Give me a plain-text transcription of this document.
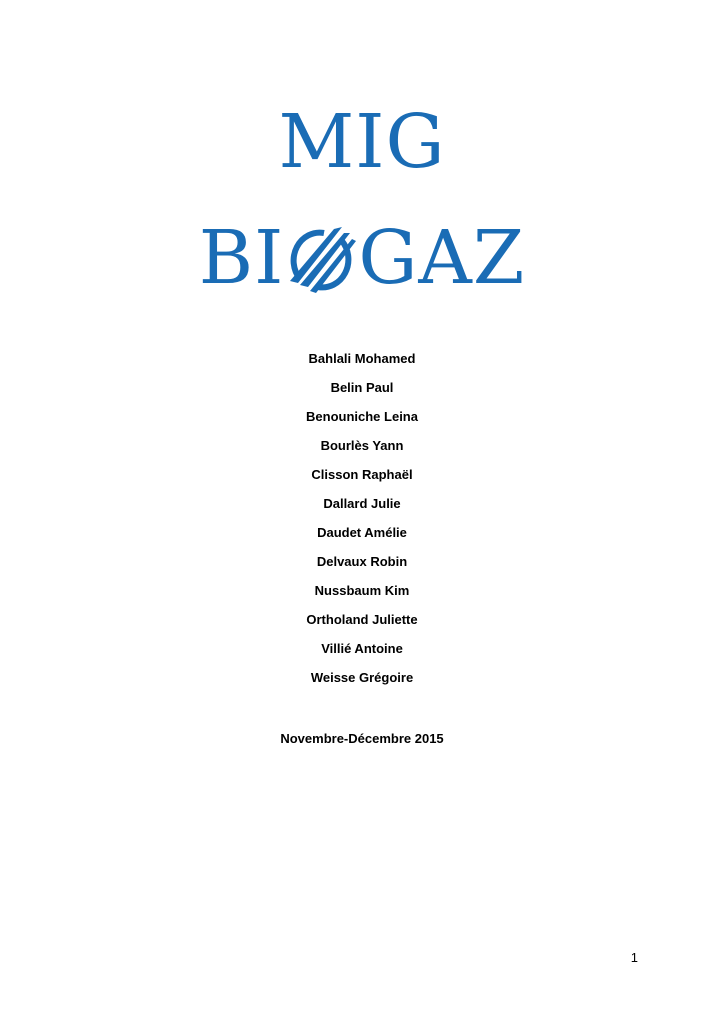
MIG
BI GAZ
Bahlali Mohamed
Belin Paul
Benouniche Leina
Bourlès Yann
Clisson Raphaël
Dallard Julie
Daudet Amélie
Delvaux Robin
Nussbaum Kim
Ortholand Juliette
Villié Antoine
Weisse Grégoire
Novembre-Décembre 2015
1
